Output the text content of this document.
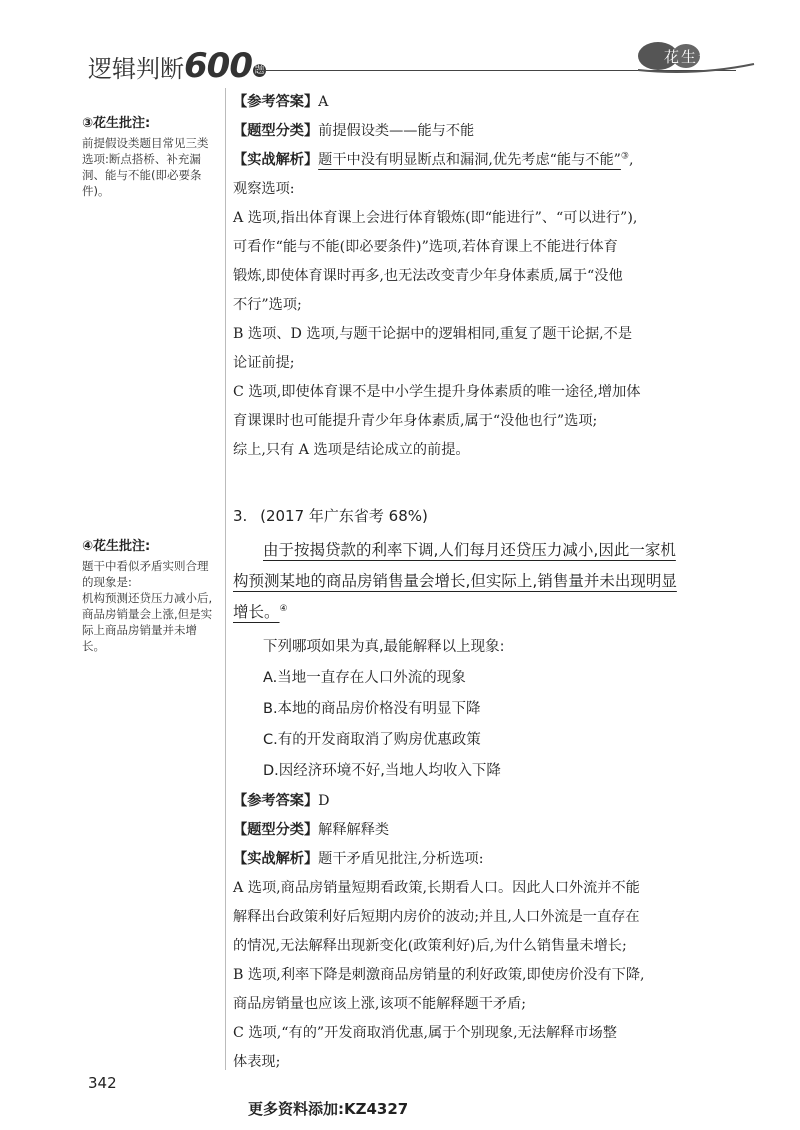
逻辑判断600 题
花生十三
③花生批注:
前提假设类题目常见三类选项:断点搭桥、补充漏洞、能与不能(即必要条件)。
④花生批注:
题干中看似矛盾实则合理的现象是:
机构预测还贷压力减小后,商品房销量会上涨,但是实际上商品房销量并未增长。
【参考答案】A
【题型分类】前提假设类——能与不能
【实战解析】题干中没有明显断点和漏洞,优先考虑“能与不能”③,
观察选项:
A 选项,指出体育课上会进行体育锻炼(即“能进行”、“可以进行”),
可看作“能与不能(即必要条件)”选项,若体育课上不能进行体育
锻炼,即使体育课时再多,也无法改变青少年身体素质,属于“没他
不行”选项;
B 选项、D 选项,与题干论据中的逻辑相同,重复了题干论据,不是
论证前提;
C 选项,即使体育课不是中小学生提升身体素质的唯一途径,增加体
育课课时也可能提升青少年身体素质,属于“没他也行”选项;
综上,只有 A 选项是结论成立的前提。
3. (2017 年广东省考 68%)
由于按揭贷款的利率下调,人们每月还贷压力减小,因此一家机
构预测某地的商品房销售量会增长,但实际上,销售量并未出现明显
增长。④
下列哪项如果为真,最能解释以上现象:
A.当地一直存在人口外流的现象
B.本地的商品房价格没有明显下降
C.有的开发商取消了购房优惠政策
D.因经济环境不好,当地人均收入下降
【参考答案】D
【题型分类】解释解释类
【实战解析】题干矛盾见批注,分析选项:
A 选项,商品房销量短期看政策,长期看人口。因此人口外流并不能
解释出台政策利好后短期内房价的波动;并且,人口外流是一直存在
的情况,无法解释出现新变化(政策利好)后,为什么销售量未增长;
B 选项,利率下降是刺激商品房销量的利好政策,即使房价没有下降,
商品房销量也应该上涨,该项不能解释题干矛盾;
C 选项,“有的”开发商取消优惠,属于个别现象,无法解释市场整
体表现;
342
更多资料添加:KZ4327
